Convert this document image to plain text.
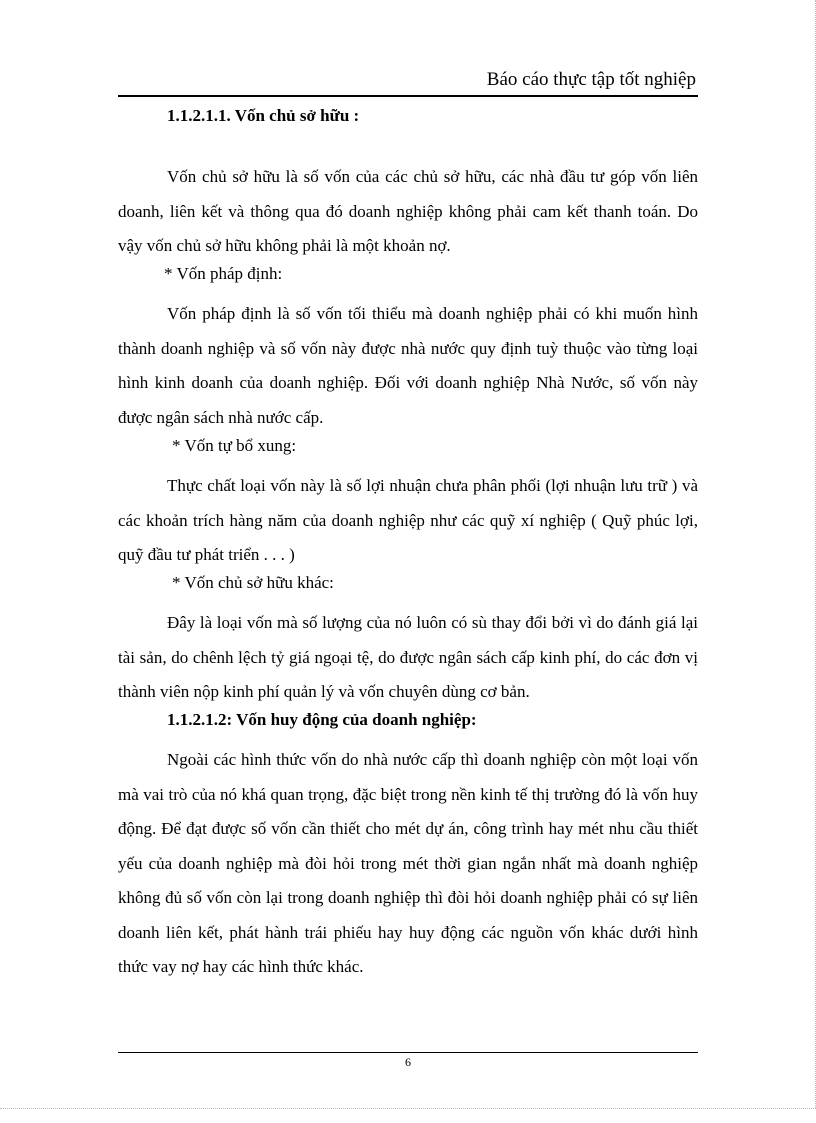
Báo cáo thực tập tốt nghiệp
1.1.2.1.1. Vốn chủ sở hữu :
Vốn chủ sở hữu là số vốn của các chủ sở hữu, các nhà đầu tư góp vốn liên doanh, liên kết và thông qua đó doanh nghiệp không phải cam kết thanh toán. Do vậy vốn chủ sở hữu không phải là một khoản nợ.
* Vốn pháp định:
Vốn pháp định là số vốn tối thiểu mà doanh nghiệp phải có khi muốn hình thành doanh nghiệp và số vốn này được nhà nước quy định tuỳ thuộc vào từng loại hình kinh doanh của doanh nghiệp. Đối với doanh nghiệp Nhà Nước, số vốn này được ngân sách nhà nước cấp.
* Vốn tự bổ xung:
Thực chất loại vốn này là số lợi nhuận chưa phân phối (lợi nhuận lưu trữ ) và các khoản trích hàng năm của doanh nghiệp như các quỹ xí nghiệp ( Quỹ phúc lợi, quỹ đầu tư phát triển . . . )
* Vốn chủ sở hữu khác:
Đây là loại vốn mà số lượng của nó luôn có sù thay đổi bởi vì do đánh giá lại tài sản, do chênh lệch tỷ giá ngoại tệ, do được ngân sách cấp kinh phí, do các đơn vị thành viên nộp kinh phí quản lý và vốn chuyên dùng cơ bản.
1.1.2.1.2: Vốn huy động của doanh nghiệp:
Ngoài các hình thức vốn do nhà nước cấp thì doanh nghiệp còn một loại vốn mà vai trò của nó khá quan trọng, đặc biệt trong nền kinh tế thị trường đó là vốn huy động. Để đạt được số vốn cần thiết cho mét dự án, công trình hay mét nhu cầu thiết yếu của doanh nghiệp mà đòi hỏi trong mét thời gian ngắn nhất mà doanh nghiệp không đủ số vốn còn lại trong doanh nghiệp thì đòi hỏi doanh nghiệp phải có sự liên doanh liên kết, phát hành trái phiếu hay huy động các nguồn vốn khác dưới hình thức vay nợ hay các hình thức khác.
6
